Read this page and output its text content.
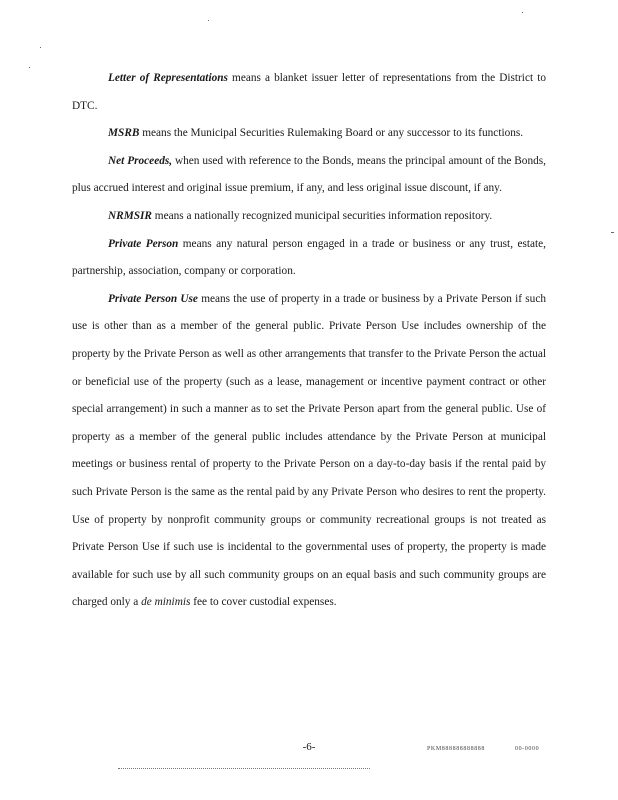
Letter of Representations means a blanket issuer letter of representations from the District to DTC.

MSRB means the Municipal Securities Rulemaking Board or any successor to its functions.

Net Proceeds, when used with reference to the Bonds, means the principal amount of the Bonds, plus accrued interest and original issue premium, if any, and less original issue discount, if any.

NRMSIR means a nationally recognized municipal securities information repository.

Private Person means any natural person engaged in a trade or business or any trust, estate, partnership, association, company or corporation.

Private Person Use means the use of property in a trade or business by a Private Person if such use is other than as a member of the general public. Private Person Use includes ownership of the property by the Private Person as well as other arrangements that transfer to the Private Person the actual or beneficial use of the property (such as a lease, management or incentive payment contract or other special arrangement) in such a manner as to set the Private Person apart from the general public. Use of property as a member of the general public includes attendance by the Private Person at municipal meetings or business rental of property to the Private Person on a day-to-day basis if the rental paid by such Private Person is the same as the rental paid by any Private Person who desires to rent the property. Use of property by nonprofit community groups or community recreational groups is not treated as Private Person Use if such use is incidental to the governmental uses of property, the property is made available for such use by all such community groups on an equal basis and such community groups are charged only a de minimis fee to cover custodial expenses.

-6-	PKM888888888888	00-0000
